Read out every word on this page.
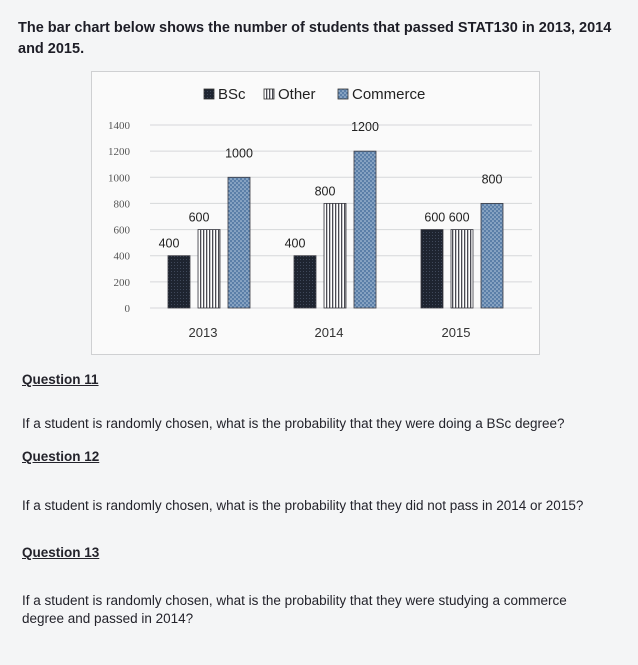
The bar chart below shows the number of students that passed STAT130 in 2013, 2014 and 2015.

0
200
400
600
800
1000
1200
1400
400
600
1000
400
800
1200
600 600
800
2013	2014	2015
BSc Other Commerce

Question 11

If a student is randomly chosen, what is the probability that they were doing a BSc degree?

Question 12

If a student is randomly chosen, what is the probability that they did not pass in 2014 or 2015?

Question 13

If a student is randomly chosen, what is the probability that they were studying a commerce degree and passed in 2014?
